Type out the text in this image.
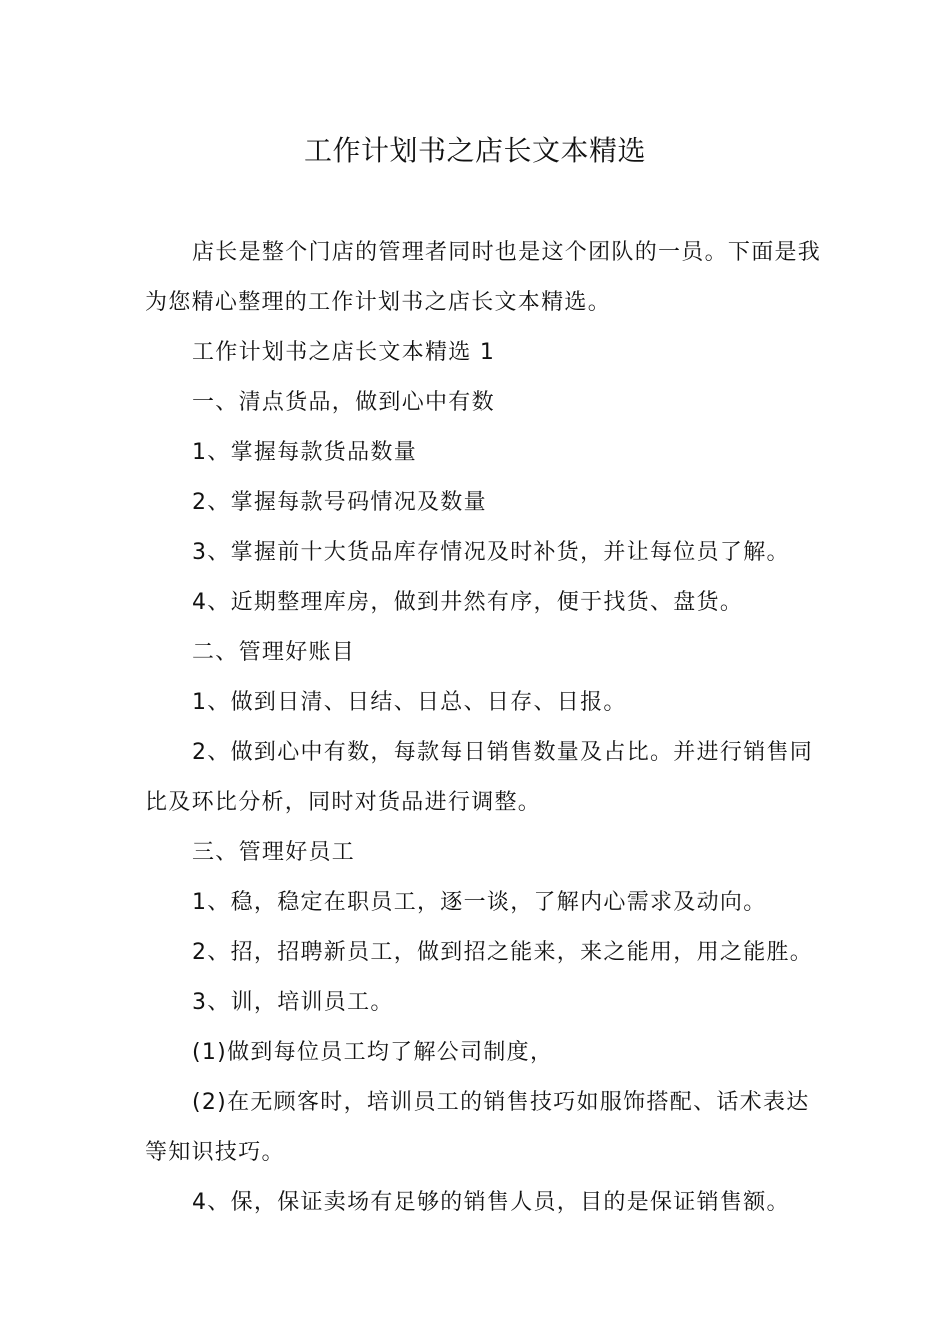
工作计划书之店长文本精选

店长是整个门店的管理者同时也是这个团队的一员。下面是我为您精心整理的工作计划书之店长文本精选。

工作计划书之店长文本精选 1

一、清点货品，做到心中有数

1、掌握每款货品数量

2、掌握每款号码情况及数量

3、掌握前十大货品库存情况及时补货，并让每位员了解。

4、近期整理库房，做到井然有序，便于找货、盘货。

二、管理好账目

1、做到日清、日结、日总、日存、日报。

2、做到心中有数，每款每日销售数量及占比。并进行销售同比及环比分析，同时对货品进行调整。

三、管理好员工

1、稳，稳定在职员工，逐一谈，了解内心需求及动向。

2、招，招聘新员工，做到招之能来，来之能用，用之能胜。

3、训，培训员工。

(1)做到每位员工均了解公司制度，

(2)在无顾客时，培训员工的销售技巧如服饰搭配、话术表达等知识技巧。

4、保，保证卖场有足够的销售人员，目的是保证销售额。
